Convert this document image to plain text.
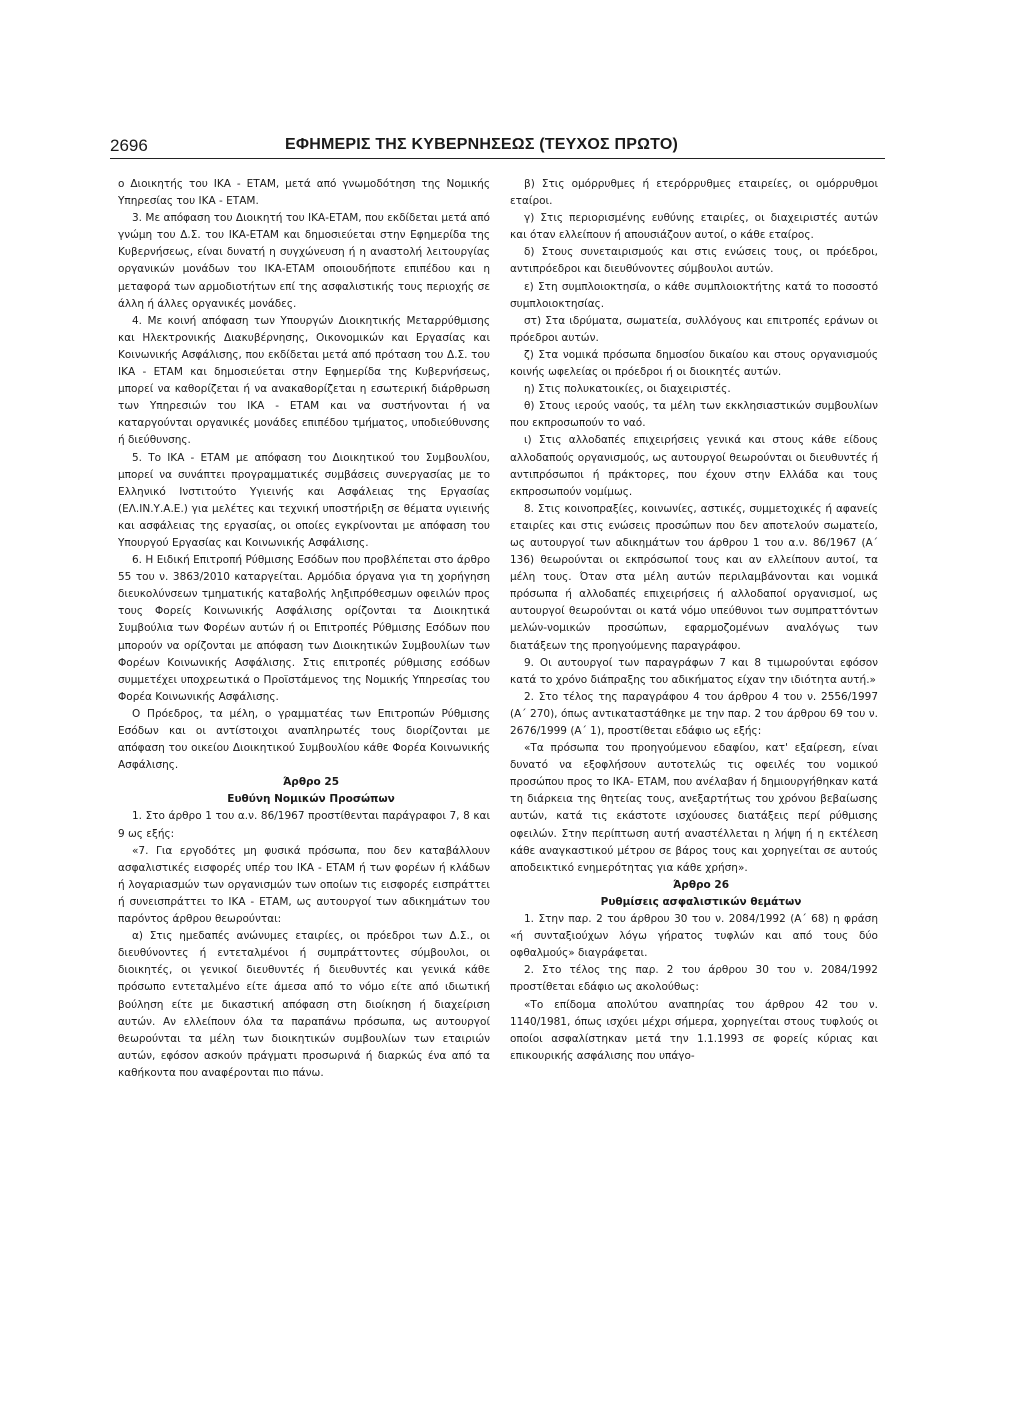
2696	ΕΦΗΜΕΡΙΣ ΤΗΣ ΚΥΒΕΡΝΗΣΕΩΣ (ΤΕΥΧΟΣ ΠΡΩΤΟ)

ο Διοικητής του ΙΚΑ - ΕΤΑΜ, μετά από γνωμοδότηση της Νομικής Υπηρεσίας του ΙΚΑ - ΕΤΑΜ.

3. Με απόφαση του Διοικητή του ΙΚΑ-ΕΤΑΜ, που εκδίδεται μετά από γνώμη του Δ.Σ. του ΙΚΑ-ΕΤΑΜ και δημοσιεύεται στην Εφημερίδα της Κυβερνήσεως, είναι δυνατή η συγχώνευση ή η αναστολή λειτουργίας οργανικών μονάδων του ΙΚΑ-ΕΤΑΜ οποιουδήποτε επιπέδου και η μεταφορά των αρμοδιοτήτων επί της ασφαλιστικής τους περιοχής σε άλλη ή άλλες οργανικές μονάδες.

4. Με κοινή απόφαση των Υπουργών Διοικητικής Μεταρρύθμισης και Ηλεκτρονικής Διακυβέρνησης, Οικονομικών και Εργασίας και Κοινωνικής Ασφάλισης, που εκδίδεται μετά από πρόταση του Δ.Σ. του ΙΚΑ - ΕΤΑΜ και δημοσιεύεται στην Εφημερίδα της Κυβερνήσεως, μπορεί να καθορίζεται ή να ανακαθορίζεται η εσωτερική διάρθρωση των Υπηρεσιών του ΙΚΑ - ΕΤΑΜ και να συστήνονται ή να καταργούνται οργανικές μονάδες επιπέδου τμήματος, υποδιεύθυνσης ή διεύθυνσης.

5. Το ΙΚΑ - ΕΤΑΜ με απόφαση του Διοικητικού του Συμβουλίου, μπορεί να συνάπτει προγραμματικές συμβάσεις συνεργασίας με το Ελληνικό Ινστιτούτο Υγιεινής και Ασφάλειας της Εργασίας (ΕΛ.ΙΝ.Υ.Α.Ε.) για μελέτες και τεχνική υποστήριξη σε θέματα υγιεινής και ασφάλειας της εργασίας, οι οποίες εγκρίνονται με απόφαση του Υπουργού Εργασίας και Κοινωνικής Ασφάλισης.

6. Η Ειδική Επιτροπή Ρύθμισης Εσόδων που προβλέπεται στο άρθρο 55 του ν. 3863/2010 καταργείται. Αρμόδια όργανα για τη χορήγηση διευκολύνσεων τμηματικής καταβολής ληξιπρόθεσμων οφειλών προς τους Φορείς Κοινωνικής Ασφάλισης ορίζονται τα Διοικητικά Συμβούλια των Φορέων αυτών ή οι Επιτροπές Ρύθμισης Εσόδων που μπορούν να ορίζονται με απόφαση των Διοικητικών Συμβουλίων των Φορέων Κοινωνικής Ασφάλισης. Στις επιτροπές ρύθμισης εσόδων συμμετέχει υποχρεωτικά ο Προϊστάμενος της Νομικής Υπηρεσίας του Φορέα Κοινωνικής Ασφάλισης.

Ο Πρόεδρος, τα μέλη, ο γραμματέας των Επιτροπών Ρύθμισης Εσόδων και οι αντίστοιχοι αναπληρωτές τους διορίζονται με απόφαση του οικείου Διοικητικού Συμβουλίου κάθε Φορέα Κοινωνικής Ασφάλισης.

Άρθρο 25

Ευθύνη Νομικών Προσώπων

1. Στο άρθρο 1 του α.ν. 86/1967 προστίθενται παράγραφοι 7, 8 και 9 ως εξής:

«7. Για εργοδότες μη φυσικά πρόσωπα, που δεν καταβάλλουν ασφαλιστικές εισφορές υπέρ του ΙΚΑ - ΕΤΑΜ ή των φορέων ή κλάδων ή λογαριασμών των οργανισμών των οποίων τις εισφορές εισπράττει ή συνεισπράττει το ΙΚΑ - ΕΤΑΜ, ως αυτουργοί των αδικημάτων του παρόντος άρθρου θεωρούνται:

α) Στις ημεδαπές ανώνυμες εταιρίες, οι πρόεδροι των Δ.Σ., οι διευθύνοντες ή εντεταλμένοι ή συμπράττοντες σύμβουλοι, οι διοικητές, οι γενικοί διευθυντές ή διευθυντές και γενικά κάθε πρόσωπο εντεταλμένο είτε άμεσα από το νόμο είτε από ιδιωτική βούληση είτε με δικαστική απόφαση στη διοίκηση ή διαχείριση αυτών. Αν ελλείπουν όλα τα παραπάνω πρόσωπα, ως αυτουργοί θεωρούνται τα μέλη των διοικητικών συμβουλίων των εταιριών αυτών, εφόσον ασκούν πράγματι προσωρινά ή διαρκώς ένα από τα καθήκοντα που αναφέρονται πιο πάνω.

β) Στις ομόρρυθμες ή ετερόρρυθμες εταιρείες, οι ομόρρυθμοι εταίροι.

γ) Στις περιορισμένης ευθύνης εταιρίες, οι διαχειριστές αυτών και όταν ελλείπουν ή απουσιάζουν αυτοί, ο κάθε εταίρος.

δ) Στους συνεταιρισμούς και στις ενώσεις τους, οι πρόεδροι, αντιπρόεδροι και διευθύνοντες σύμβουλοι αυτών.

ε) Στη συμπλοιοκτησία, ο κάθε συμπλοιοκτήτης κατά το ποσοστό συμπλοιοκτησίας.

στ) Στα ιδρύματα, σωματεία, συλλόγους και επιτροπές εράνων οι πρόεδροι αυτών.

ζ) Στα νομικά πρόσωπα δημοσίου δικαίου και στους οργανισμούς κοινής ωφελείας οι πρόεδροι ή οι διοικητές αυτών.

η) Στις πολυκατοικίες, οι διαχειριστές.

θ) Στους ιερούς ναούς, τα μέλη των εκκλησιαστικών συμβουλίων που εκπροσωπούν το ναό.

ι) Στις αλλοδαπές επιχειρήσεις γενικά και στους κάθε είδους αλλοδαπούς οργανισμούς, ως αυτουργοί θεωρούνται οι διευθυντές ή αντιπρόσωποι ή πράκτορες, που έχουν στην Ελλάδα και τους εκπροσωπούν νομίμως.

8. Στις κοινοπραξίες, κοινωνίες, αστικές, συμμετοχικές ή αφανείς εταιρίες και στις ενώσεις προσώπων που δεν αποτελούν σωματείο, ως αυτουργοί των αδικημάτων του άρθρου 1 του α.ν. 86/1967 (Α΄ 136) θεωρούνται οι εκπρόσωποί τους και αν ελλείπουν αυτοί, τα μέλη τους. Όταν στα μέλη αυτών περιλαμβάνονται και νομικά πρόσωπα ή αλλοδαπές επιχειρήσεις ή αλλοδαποί οργανισμοί, ως αυτουργοί θεωρούνται οι κατά νόμο υπεύθυνοι των συμπραττόντων μελών-νομικών προσώπων, εφαρμοζομένων αναλόγως των διατάξεων της προηγούμενης παραγράφου.

9. Οι αυτουργοί των παραγράφων 7 και 8 τιμωρούνται εφόσον κατά το χρόνο διάπραξης του αδικήματος είχαν την ιδιότητα αυτή.»

2. Στο τέλος της παραγράφου 4 του άρθρου 4 του ν. 2556/1997 (Α΄ 270), όπως αντικαταστάθηκε με την παρ. 2 του άρθρου 69 του ν. 2676/1999 (Α΄ 1), προστίθεται εδάφιο ως εξής:

«Τα πρόσωπα του προηγούμενου εδαφίου, κατ' εξαίρεση, είναι δυνατό να εξοφλήσουν αυτοτελώς τις οφειλές του νομικού προσώπου προς το ΙΚΑ- ΕΤΑΜ, που ανέλαβαν ή δημιουργήθηκαν κατά τη διάρκεια της θητείας τους, ανεξαρτήτως του χρόνου βεβαίωσης αυτών, κατά τις εκάστοτε ισχύουσες διατάξεις περί ρύθμισης οφειλών. Στην περίπτωση αυτή αναστέλλεται η λήψη ή η εκτέλεση κάθε αναγκαστικού μέτρου σε βάρος τους και χορηγείται σε αυτούς αποδεικτικό ενημερότητας για κάθε χρήση».

Άρθρο 26

Ρυθμίσεις ασφαλιστικών θεμάτων

1. Στην παρ. 2 του άρθρου 30 του ν. 2084/1992 (Α΄ 68) η φράση «ή συνταξιούχων λόγω γήρατος τυφλών και από τους δύο οφθαλμούς» διαγράφεται.

2. Στο τέλος της παρ. 2 του άρθρου 30 του ν. 2084/1992 προστίθεται εδάφιο ως ακολούθως:

«Το επίδομα απολύτου αναπηρίας του άρθρου 42 του ν. 1140/1981, όπως ισχύει μέχρι σήμερα, χορηγείται στους τυφλούς οι οποίοι ασφαλίστηκαν μετά την 1.1.1993 σε φορείς κύριας και επικουρικής ασφάλισης που υπάγο-
